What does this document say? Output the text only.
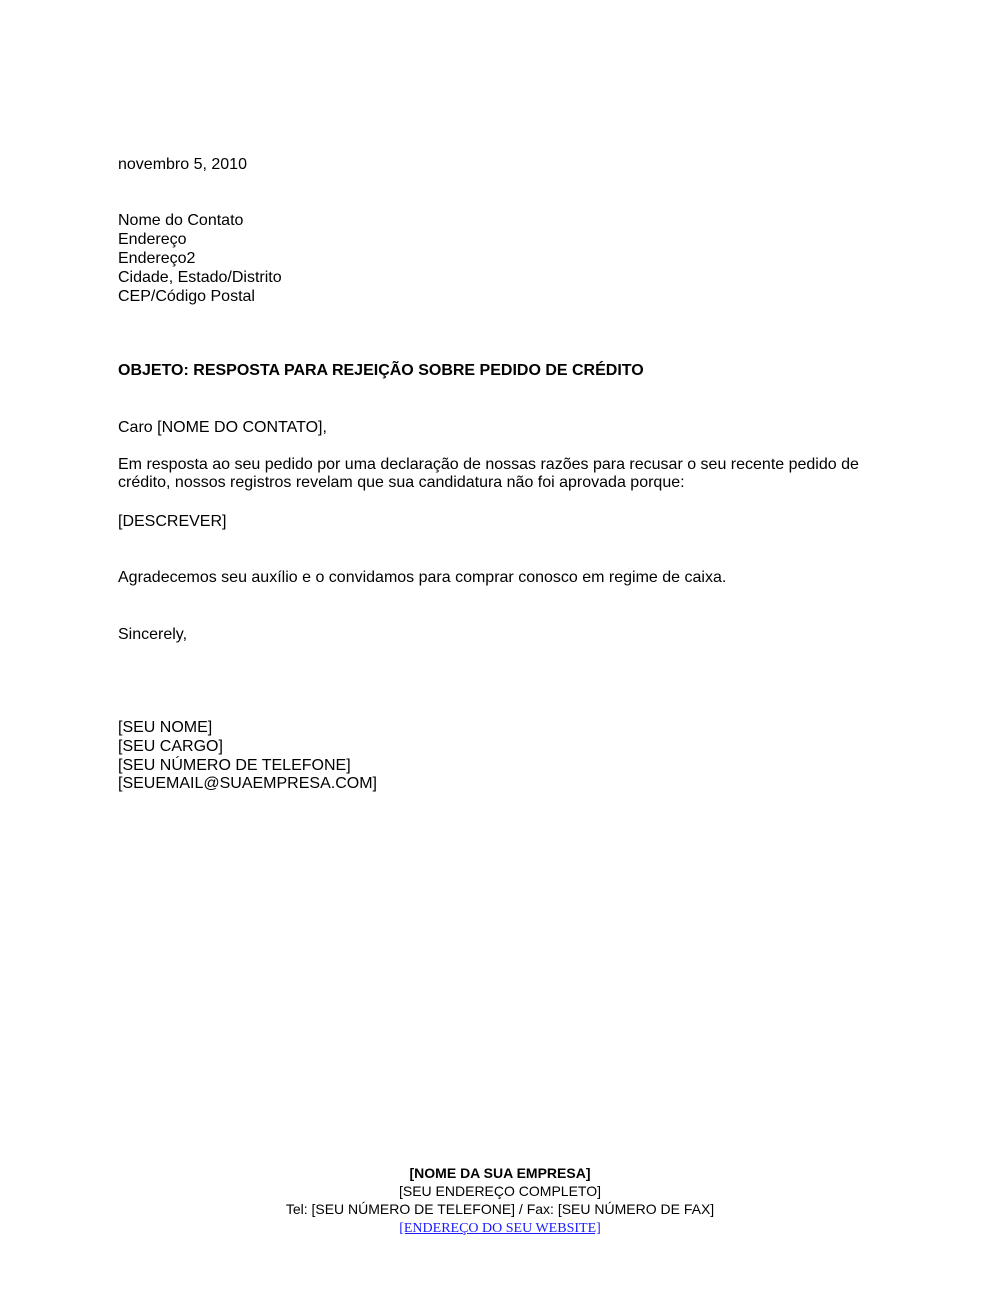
novembro 5, 2010

Nome do Contato

Endereço

Endereço2

Cidade, Estado/Distrito

CEP/Código Postal

OBJETO: RESPOSTA PARA REJEIÇÃO SOBRE PEDIDO DE CRÉDITO

Caro [NOME DO CONTATO],

Em resposta ao seu pedido por uma declaração de nossas razões para recusar o seu recente pedido de
crédito, nossos registros revelam que sua candidatura não foi aprovada porque:

[DESCREVER]

Agradecemos seu auxílio e o convidamos para comprar conosco em regime de caixa.

Sincerely,

[SEU NOME]

[SEU CARGO]

[SEU NÚMERO DE TELEFONE]

[SEUEMAIL@SUAEMPRESA.COM]

[NOME DA SUA EMPRESA]
[SEU ENDEREÇO COMPLETO]
Tel: [SEU NÚMERO DE TELEFONE] / Fax: [SEU NÚMERO DE FAX]
[ENDEREÇO DO SEU WEBSITE]
